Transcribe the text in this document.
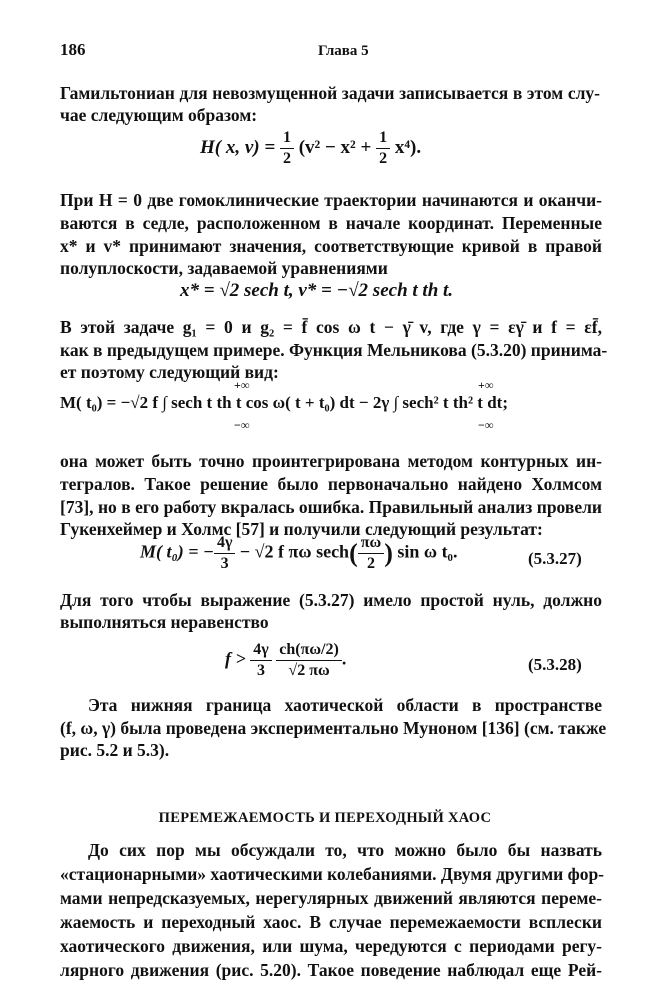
186	Глава 5
Гамильтониан для невозмущенной задачи записывается в этом слу-
чае следующим образом:
H( x, $v) = \frac{1}{2} (v^2 - x^2 + \frac{1}{2} x^4)$.
При H = 0 две гомоклинические траектории начинаются и оканчи-
ваются в седле, расположенном в начале координат. Переменные
x* и v* принимают значения, соответствующие кривой в правой
полуплоскости, задаваемой уравнениями
x* = √2 sech t, v* = −√2 sech t th t.
В этой задаче g₁ = 0 и g₂ = f̄ cos ω t − γ̄ v, где γ = εγ̄ и f = εf̄,
как в предыдущем примере. Функция Мельникова (5.3.20) принима-
ет поэтому следующий вид:
+∞	+∞
M( t₀) = −√2 f ∫ sech t th t cos ω( t + t₀) dt − 2γ ∫ sech² t th² t dt;
−∞	−∞
она может быть точно проинтегрирована методом контурных ин-
тегралов. Такое решение было первоначально найдено Холмсом
[73], но в его работу вкралась ошибка. Правильный анализ провели
Гукенхеймер и Холмс [57] и получили следующий результат:
M( t₀) = − $\frac{4\gamma}{3} - √2$ f πω $\sec h( \frac{\pi\omega}{2}$ ) sin ω t₀.	(5.3.27)
Для того чтобы выражение (5.3.27) имело простой нуль, должно
выполняться неравенство
$f > \frac{4\gamma}{3}$
$\frac{ch(\pi\omega/2)}{√2 \pi\omega}$ .	(5.3.28)
Эта нижняя граница хаотической области в пространстве
(f, ω, γ) была проведена экспериментально Муноном [136] (см. также
рис. 5.2 и 5.3).
ПЕРЕМЕЖАЕМОСТЬ И ПЕРЕХОДНЫЙ ХАОС
До сих пор мы обсуждали то, что можно было бы назвать
«стационарными» хаотическими колебаниями. Двумя другими фор-
мами непредсказуемых, нерегулярных движений являются переме-
жаемость и переходный хаос. В случае перемежаемости всплески
хаотического движения, или шума, чередуются с периодами регу-
лярного движения (рис. 5.20). Такое поведение наблюдал еще Рей-
